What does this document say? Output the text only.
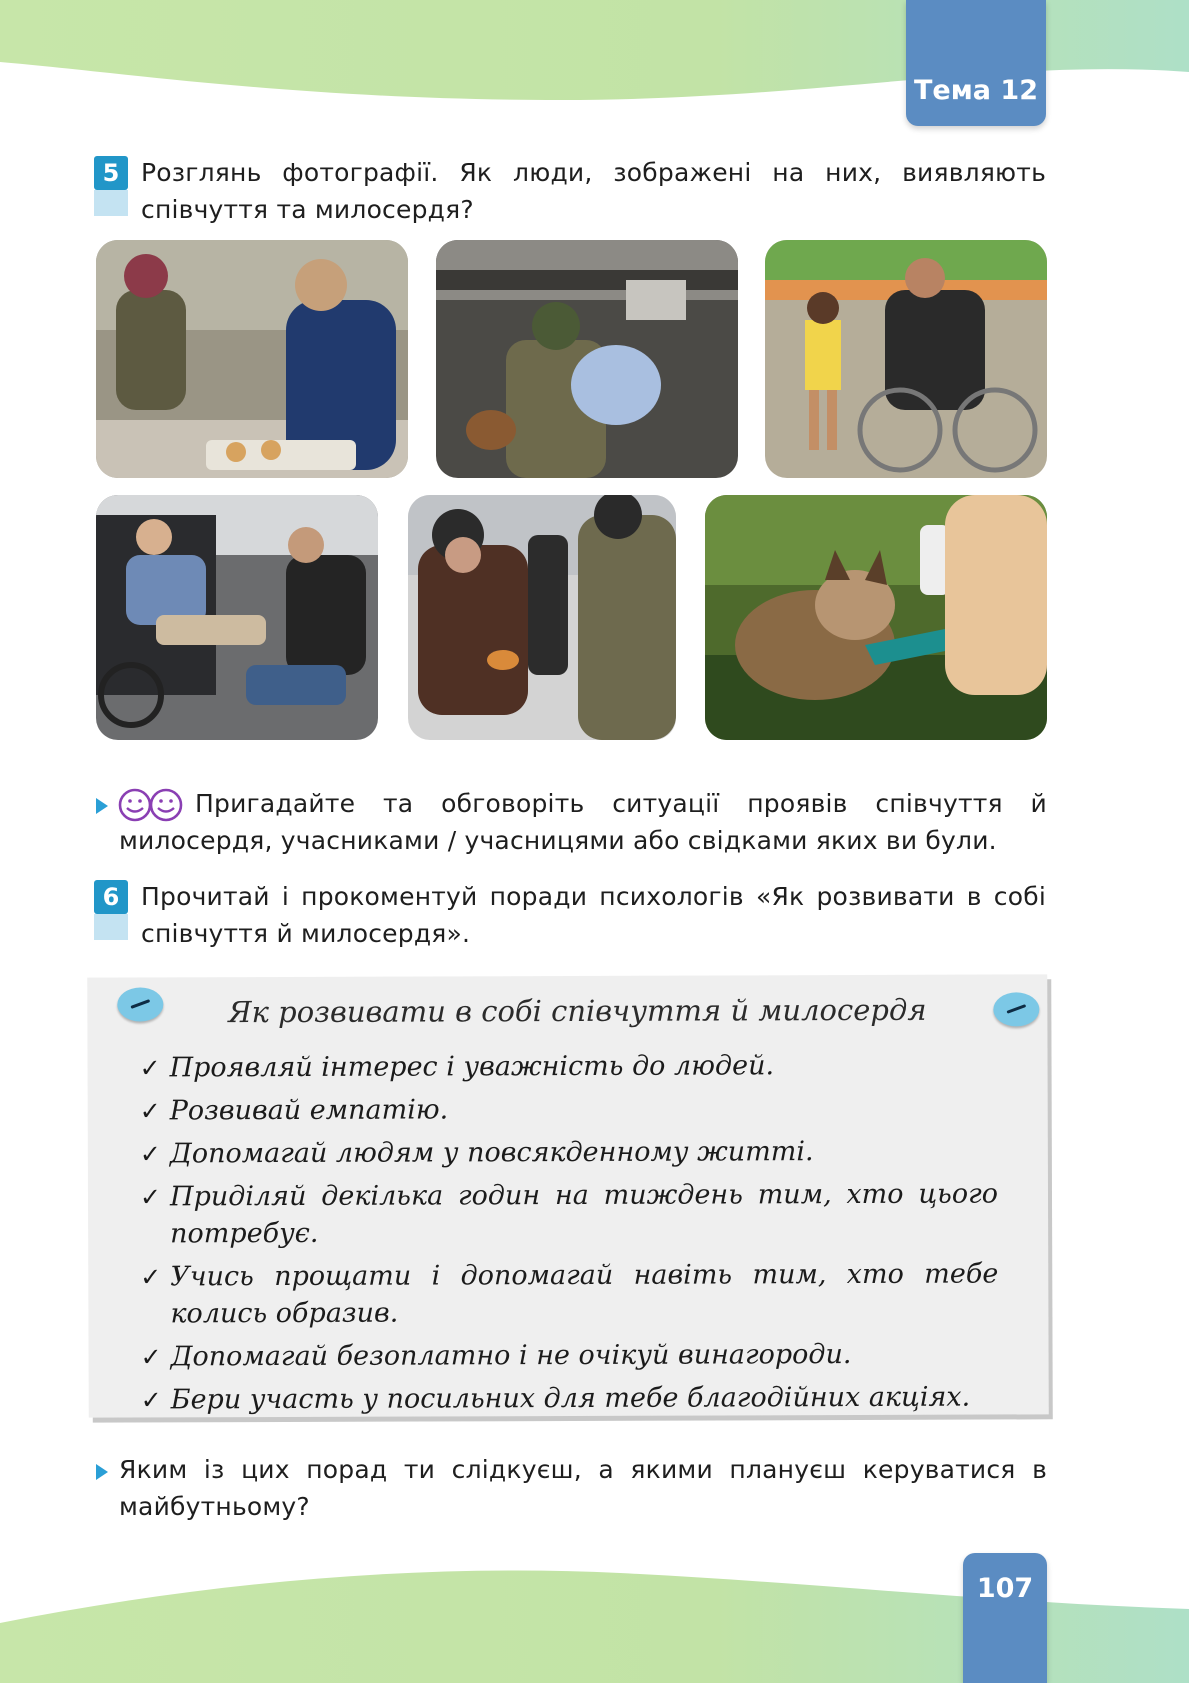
Тема 12
5 Розглянь фотографії. Як люди, зображені на них, виявляють співчуття та милосердя?
Пригадайте та обговоріть ситуації проявів співчуття й милосердя, учасниками / учасницями або свідками яких ви були.
6 Прочитай і прокоментуй поради психологів «Як розвивати в собі співчуття й милосердя».
Як розвивати в собі співчуття й милосердя
✓ Проявляй інтерес і уважність до людей.
✓ Розвивай емпатію.
✓ Допомагай людям у повсякденному житті.
✓ Приділяй декілька годин на тиждень тим, хто цього потребує.
✓ Учись прощати і допомагай навіть тим, хто тебе колись образив.
✓ Допомагай безоплатно і не очікуй винагороди.
✓ Бери участь у посильних для тебе благодійних акціях.
Яким із цих порад ти слідкуєш, а якими плануєш керуватися в майбутньому?
107
